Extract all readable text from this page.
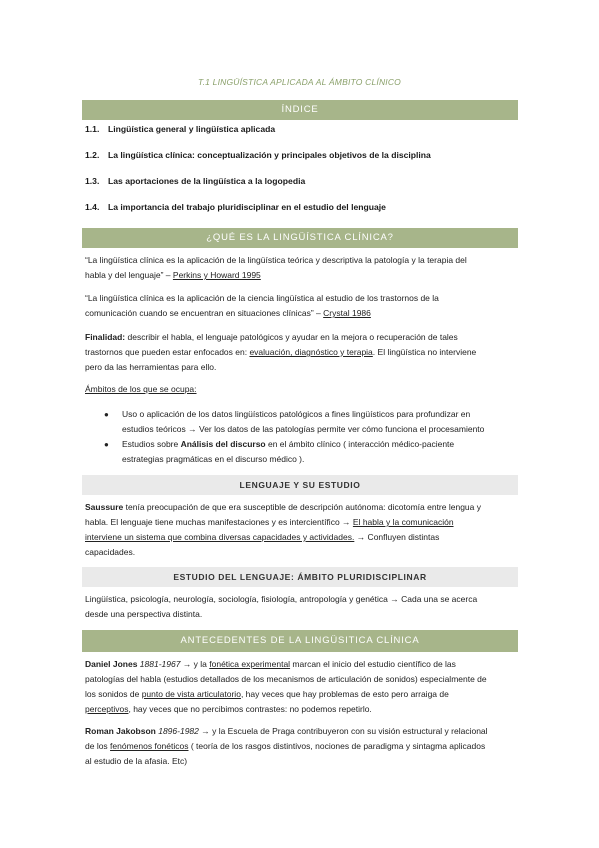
T.1 LINGÜÍSTICA APLICADA AL ÁMBITO CLÍNICO
ÍNDICE
1.1. Lingüística general y lingüística aplicada
1.2. La lingüística clínica: conceptualización y principales objetivos de la disciplina
1.3. Las aportaciones de la lingüística a la logopedia
1.4. La importancia del trabajo pluridisciplinar en el estudio del lenguaje
¿QUÉ ES LA LINGÜÍSTICA CLÍNICA?
“La lingüística clínica es la aplicación de la lingüística teórica y descriptiva la patología y la terapia del
habla y del lenguaje” – Perkins y Howard 1995
“La lingüística clínica es la aplicación de la ciencia lingüística al estudio de los trastornos de la
comunicación cuando se encuentran en situaciones clínicas” – Crystal 1986
Finalidad: describir el habla, el lenguaje patológicos y ayudar en la mejora o recuperación de tales
trastornos que pueden estar enfocados en: evaluación, diagnóstico y terapia. El lingüística no interviene
pero da las herramientas para ello.
Ámbitos de los que se ocupa:
● Uso o aplicación de los datos lingüísticos patológicos a fines lingüísticos para profundizar en
estudios teóricos → Ver los datos de las patologías permite ver cómo funciona el procesamiento
● Estudios sobre Análisis del discurso en el ámbito clínico ( interacción médico-paciente
estrategias pragmáticas en el discurso médico ).
LENGUAJE Y SU ESTUDIO
Saussure tenía preocupación de que era susceptible de descripción autónoma: dicotomía entre lengua y
habla. El lenguaje tiene muchas manifestaciones y es intercientífico → El habla y la comunicación
interviene un sistema que combina diversas capacidades y actividades. → Confluyen distintas
capacidades.
ESTUDIO DEL LENGUAJE: ÁMBITO PLURIDISCIPLINAR
Lingüística, psicología, neurología, sociología, fisiología, antropología y genética → Cada una se acerca
desde una perspectiva distinta.
ANTECEDENTES DE LA LINGÜSITICA CLÍNICA
Daniel Jones 1881-1967 → y la fonética experimental marcan el inicio del estudio científico de las
patologías del habla (estudios detallados de los mecanismos de articulación de sonidos) especialmente de
los sonidos de punto de vista articulatorio, hay veces que hay problemas de esto pero arraiga de
perceptivos, hay veces que no percibimos contrastes: no podemos repetirlo.
Roman Jakobson 1896-1982 → y la Escuela de Praga contribuyeron con su visión estructural y relacional
de los fenómenos fonéticos ( teoría de los rasgos distintivos, nociones de paradigma y sintagma aplicados
al estudio de la afasia. Etc)
